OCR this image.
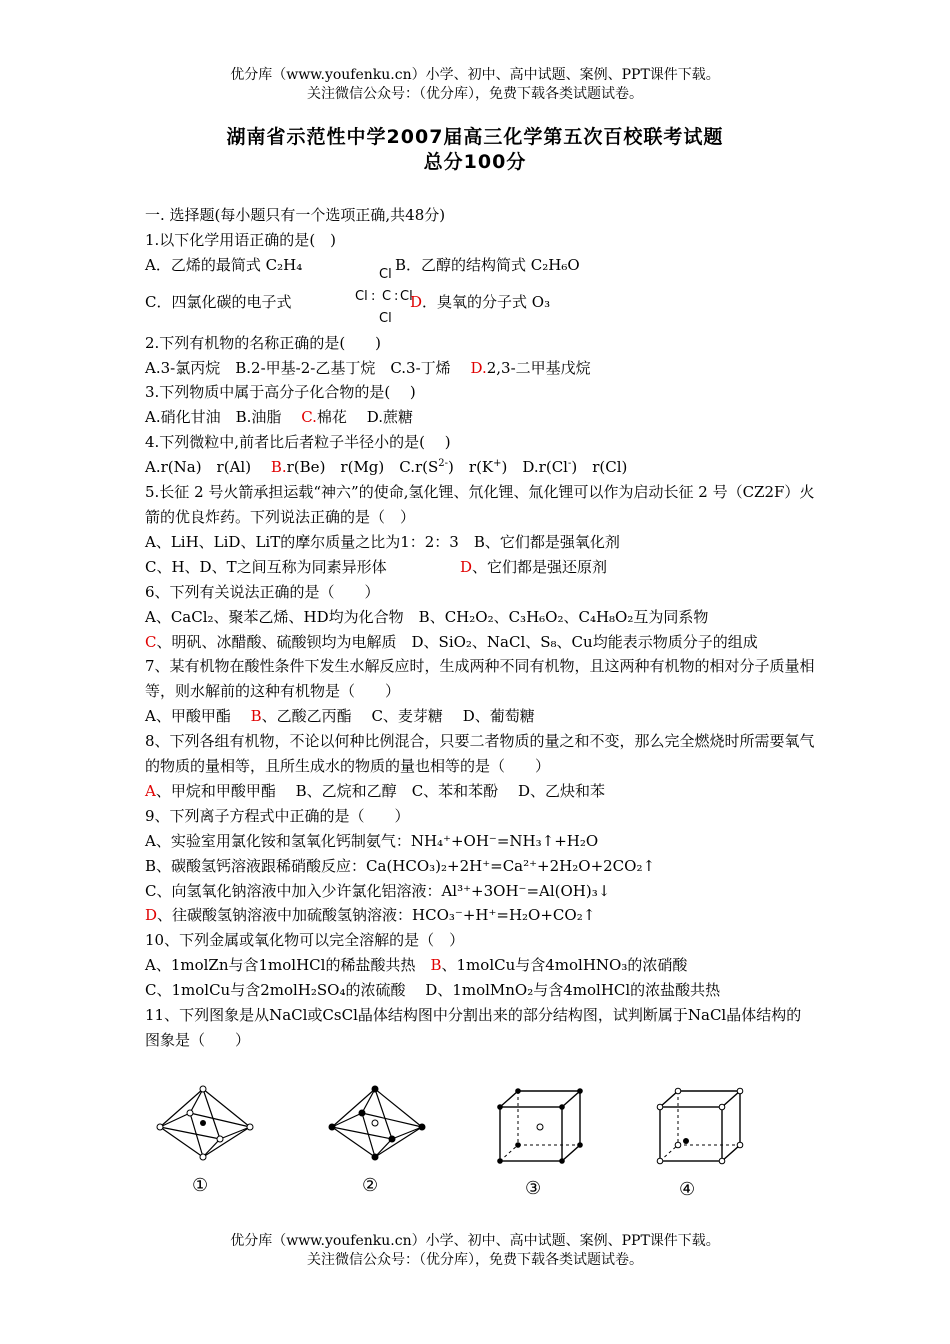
优分库（www.youfenku.cn）小学、初中、高中试题、案例、PPT课件下载。
关注微信公众号：（优分库），免费下载各类试题试卷。
湖南省示范性中学2007届高三化学第五次百校联考试题
总分100分
Cl
Cl : C : Cl
Cl

一. 选择题(每小题只有一个选项正确,共48分)

1.以下化学用语正确的是(　)

A．乙烯的最简式 C₂H₄	B．乙醇的结构简式 C₂H₆O

C．四氯化碳的电子式	D．臭氧的分子式 O₃

2.下列有机物的名称正确的是(　　)

A.3-氯丙烷　 B.2-甲基-2-乙基丁烷　 C.3-丁烯　 D.2,3-二甲基戊烷

3.下列物质中属于高分子化合物的是(　 )

A.硝化甘油　 B.油脂　 C.棉花　 D.蔗糖

4.下列微粒中,前者比后者粒子半径小的是(　 )

A.r(Na)　r(Al)　 B.r(Be)　r(Mg)　 $C.r(S^{2-})$　r(K+)　 D.r(Cl-)　r(Cl)

5.长征 2 号火箭承担运载“神六”的使命,氢化锂、氘化锂、氚化锂可以作为启动长征 2 号（CZ2F）火箭的优良炸药。下列说法正确的是（　）

A、LiH、LiD、LiT的摩尔质量之比为1：2：3　 B、它们都是强氧化剂

C、H、D、T之间互称为同素异形体	D、它们都是强还原剂

6、下列有关说法正确的是（　　）

A、CaCl₂、聚苯乙烯、HD均为化合物　 B、CH₂O₂、C₃H₆O₂、C₄H₈O₂互为同系物

C、明矾、冰醋酸、硫酸钡均为电解质　 D、SiO₂、NaCl、S₈、Cu均能表示物质分子的组成

7、某有机物在酸性条件下发生水解反应时，生成两种不同有机物，且这两种有机物的相对分子质量相等，则水解前的这种有机物是（　　）

A、甲酸甲酯　 B、乙酸乙丙酯　 C、麦芽糖　 D、葡萄糖

8、下列各组有机物，不论以何种比例混合，只要二者物质的量之和不变，那么完全燃烧时所需要氧气的物质的量相等，且所生成水的物质的量也相等的是（　　）

A、甲烷和甲酸甲酯　 B、乙烷和乙醇　 C、苯和苯酚　 D、乙炔和苯

9、下列离子方程式中正确的是（　　）

A、实验室用氯化铵和氢氧化钙制氨气：NH₄⁺+OH⁻=NH₃↑+H₂O

B、碳酸氢钙溶液跟稀硝酸反应：Ca(HCO₃)₂+2H⁺=Ca²⁺+2H₂O+2CO₂↑

C、向氢氧化钠溶液中加入少许氯化铝溶液：Al³⁺+3OH⁻=Al(OH)₃↓

D、往碳酸氢钠溶液中加硫酸氢钠溶液：HCO₃⁻+H⁺=H₂O+CO₂↑

10、下列金属或氧化物可以完全溶解的是（　）

A、1molZn与含1molHCl的稀盐酸共热　 B、1molCu与含4molHNO₃的浓硝酸

C、1molCu与含2molH₂SO₄的浓硫酸　 D、1molMnO₂与含4molHCl的浓盐酸共热

11、下列图象是从NaCl或CsCl晶体结构图中分割出来的部分结构图，试判断属于NaCl晶体结构的图象是（　　）

①	②	③	④
优分库（www.youfenku.cn）小学、初中、高中试题、案例、PPT课件下载。
关注微信公众号：（优分库），免费下载各类试题试卷。
